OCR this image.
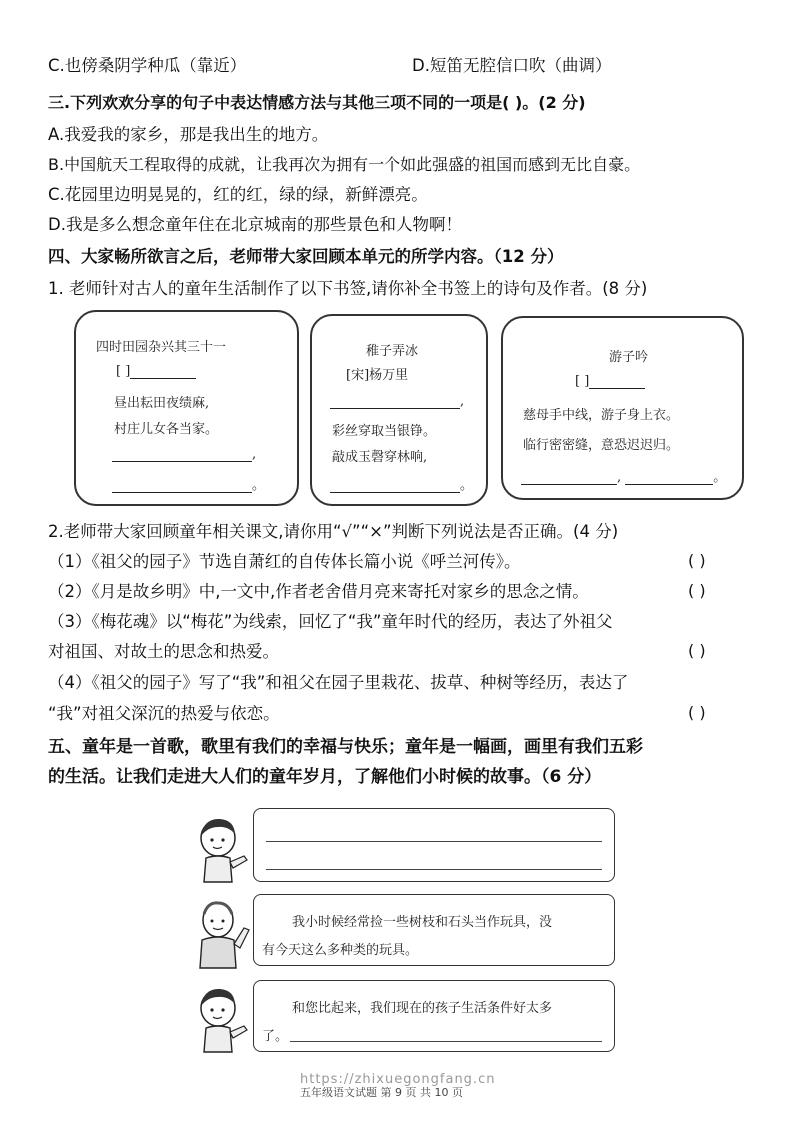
C.也傍桑阴学种瓜（靠近）	D.短笛无腔信口吹（曲调）
三.下列欢欢分享的句子中表达情感方法与其他三项不同的一项是( )。(2 分)
A.我爱我的家乡，那是我出生的地方。
B.中国航天工程取得的成就，让我再次为拥有一个如此强盛的祖国而感到无比自豪。
C.花园里边明晃晃的，红的红，绿的绿，新鲜漂亮。
D.我是多么想念童年住在北京城南的那些景色和人物啊！
四、大家畅所欲言之后，老师带大家回顾本单元的所学内容。（12 分）
1. 老师针对古人的童年生活制作了以下书签,请你补全书签上的诗句及作者。(8 分)
四时田园杂兴其三十一
[ ]
昼出耘田夜绩麻,
村庄儿女各当家。
,
。
稚子弄冰
[宋]杨万里
,
彩丝穿取当银铮。
敲成玉磬穿林响,
。
游子吟
[ ]
慈母手中线，游子身上衣。
临行密密缝，意恐迟迟归。
,	。
2.老师带大家回顾童年相关课文,请你用“√”“×”判断下列说法是否正确。(4 分)
（1）《祖父的园子》节选自萧红的自传体长篇小说《呼兰河传》。	( )
（2）《月是故乡明》中,一文中,作者老舍借月亮来寄托对家乡的思念之情。	( )
（3）《梅花魂》以“梅花”为线索，回忆了“我”童年时代的经历，表达了外祖父
对祖国、对故土的思念和热爱。	( )
（4）《祖父的园子》写了“我”和祖父在园子里栽花、拔草、种树等经历，表达了
“我”对祖父深沉的热爱与依恋。	( )
五、童年是一首歌，歌里有我们的幸福与快乐；童年是一幅画，画里有我们五彩
的生活。让我们走进大人们的童年岁月，了解他们小时候的故事。（6 分）
我小时候经常捡一些树枝和石头当作玩具，没
有今天这么多种类的玩具。
和您比起来，我们现在的孩子生活条件好太多
了。
https://zhixuegongfang.cn
五年级语文试题 第 9 页 共 10 页
